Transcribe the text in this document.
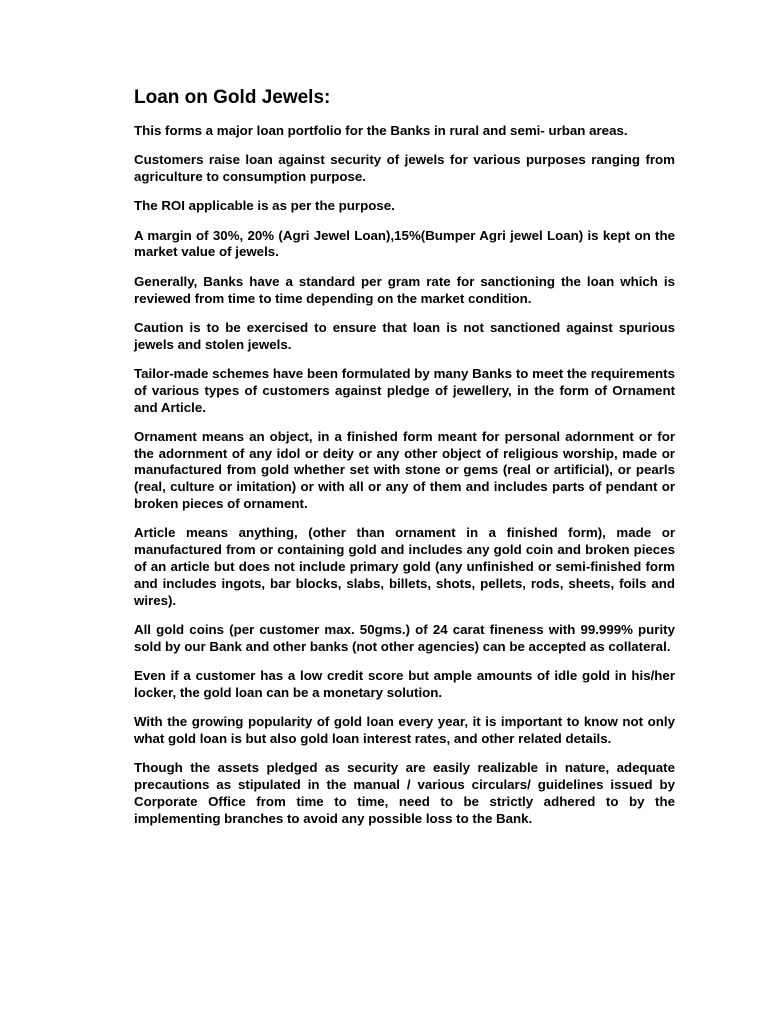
Loan on Gold Jewels:

This forms a major loan portfolio for the Banks in rural and semi- urban areas.

Customers raise loan against security of jewels for various purposes ranging from agriculture to consumption purpose.

The ROI applicable is as per the purpose.

A margin of 30%, 20% (Agri Jewel Loan),15%(Bumper Agri jewel Loan) is kept on the market value of jewels.

Generally, Banks have a standard per gram rate for sanctioning the loan which is reviewed from time to time depending on the market condition.

Caution is to be exercised to ensure that loan is not sanctioned against spurious jewels and stolen jewels.

Tailor-made schemes have been formulated by many Banks to meet the requirements of various types of customers against pledge of jewellery, in the form of Ornament and Article.

Ornament means an object, in a finished form meant for personal adornment or for the adornment of any idol or deity or any other object of religious worship, made or manufactured from gold whether set with stone or gems (real or artificial), or pearls (real, culture or imitation) or with all or any of them and includes parts of pendant or broken pieces of ornament.

Article means anything, (other than ornament in a finished form), made or manufactured from or containing gold and includes any gold coin and broken pieces of an article but does not include primary gold (any unfinished or semi-finished form and includes ingots, bar blocks, slabs, billets, shots, pellets, rods, sheets, foils and wires).

All gold coins (per customer max. 50gms.) of 24 carat fineness with 99.999% purity sold by our Bank and other banks (not other agencies) can be accepted as collateral.

Even if a customer has a low credit score but ample amounts of idle gold in his/her locker, the gold loan can be a monetary solution.

With the growing popularity of gold loan every year, it is important to know not only what gold loan is but also gold loan interest rates, and other related details.

Though the assets pledged as security are easily realizable in nature, adequate precautions as stipulated in the manual / various circulars/ guidelines issued by Corporate Office from time to time, need to be strictly adhered to by the implementing branches to avoid any possible loss to the Bank.
